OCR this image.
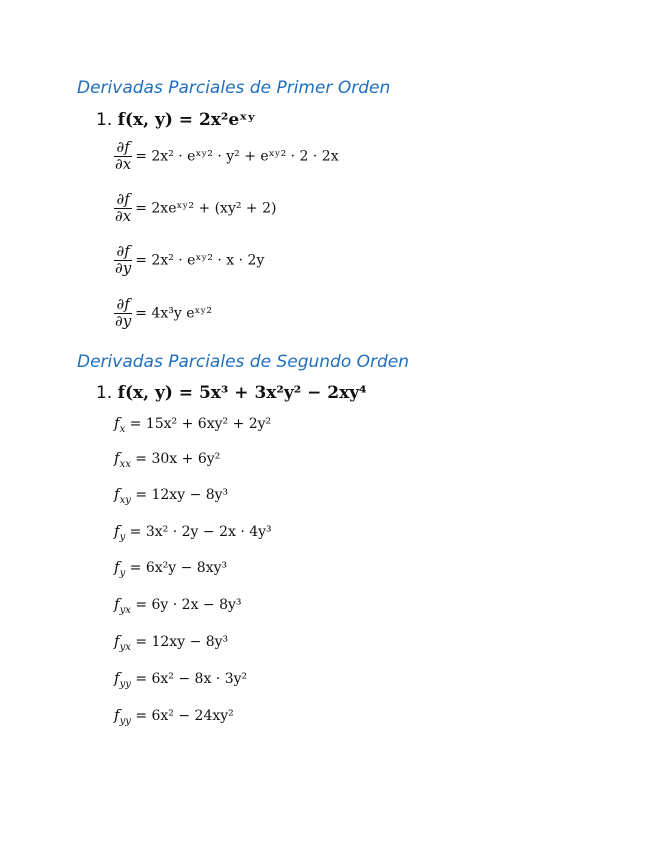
Derivadas Parciales de Primer Orden
1. f(x, y) = 2x²eˣʸ
$\frac{\partial f}{\partial x} = 2x^2$ · eˣʸ² · y² + eˣʸ² · 2 · 2x
$\frac{\partial f}{\partial x}$ = 2xeˣʸ² + (xy² + 2)
$\frac{\partial f}{\partial y} = 2x^2$ · eˣʸ² · x · 2y
$\frac{\partial f}{\partial y} = 4x^3y$ eˣʸ²
Derivadas Parciales de Segundo Orden
1. f(x, y) = 5x³ + 3x²y² − 2xy⁴
$f_x = 15x^2 + 6xy^2 + 2y^2$
$f_{xx} = 30x + 6y^2$
$f_{xy} = 12xy - 8y^3$
$f_y = 3x^2 \cdot 2y - 2x \cdot 4y^3$
$f_y = 6x^2y - 8xy^3$
$f_{yx} = 6y \cdot 2x - 8y^3$
$f_{yx} = 12xy - 8y^3$
$f_{yy} = 6x^2 - 8x \cdot 3y^2$
$f_{yy} = 6x^2 - 24xy^2$
